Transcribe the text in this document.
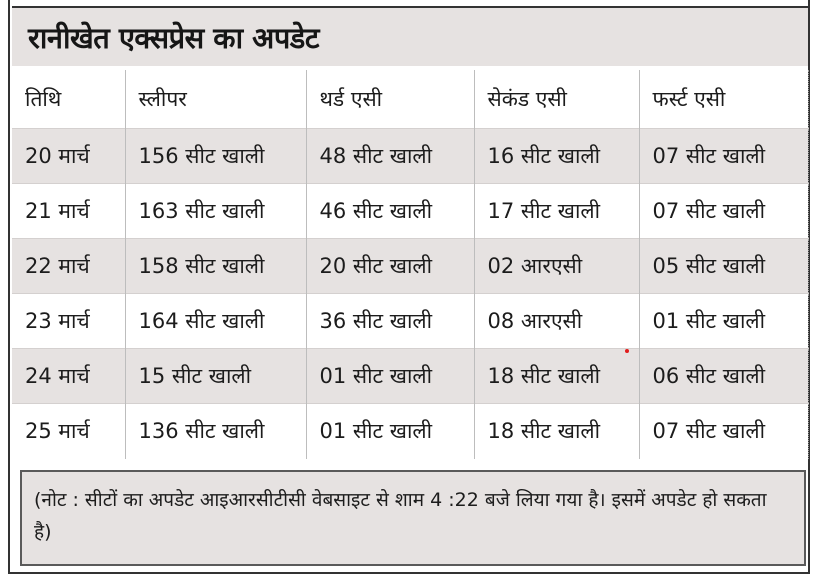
रानीखेत एक्सप्रेस का अपडेट
तिथि	स्लीपर	थर्ड एसी	सेकंड एसी	फर्स्ट एसी
20 मार्च	156 सीट खाली	48 सीट खाली	16 सीट खाली	07 सीट खाली
21 मार्च	163 सीट खाली	46 सीट खाली	17 सीट खाली	07 सीट खाली
22 मार्च	158 सीट खाली	20 सीट खाली	02 आरएसी	05 सीट खाली
23 मार्च	164 सीट खाली	36 सीट खाली	08 आरएसी	01 सीट खाली
24 मार्च	15 सीट खाली	01 सीट खाली	18 सीट खाली	06 सीट खाली
25 मार्च	136 सीट खाली	01 सीट खाली	18 सीट खाली	07 सीट खाली
(नोट : सीटों का अपडेट आइआरसीटीसी वेबसाइट से शाम 4 :22 बजे लिया गया है। इसमें अपडेट हो सकता है)
